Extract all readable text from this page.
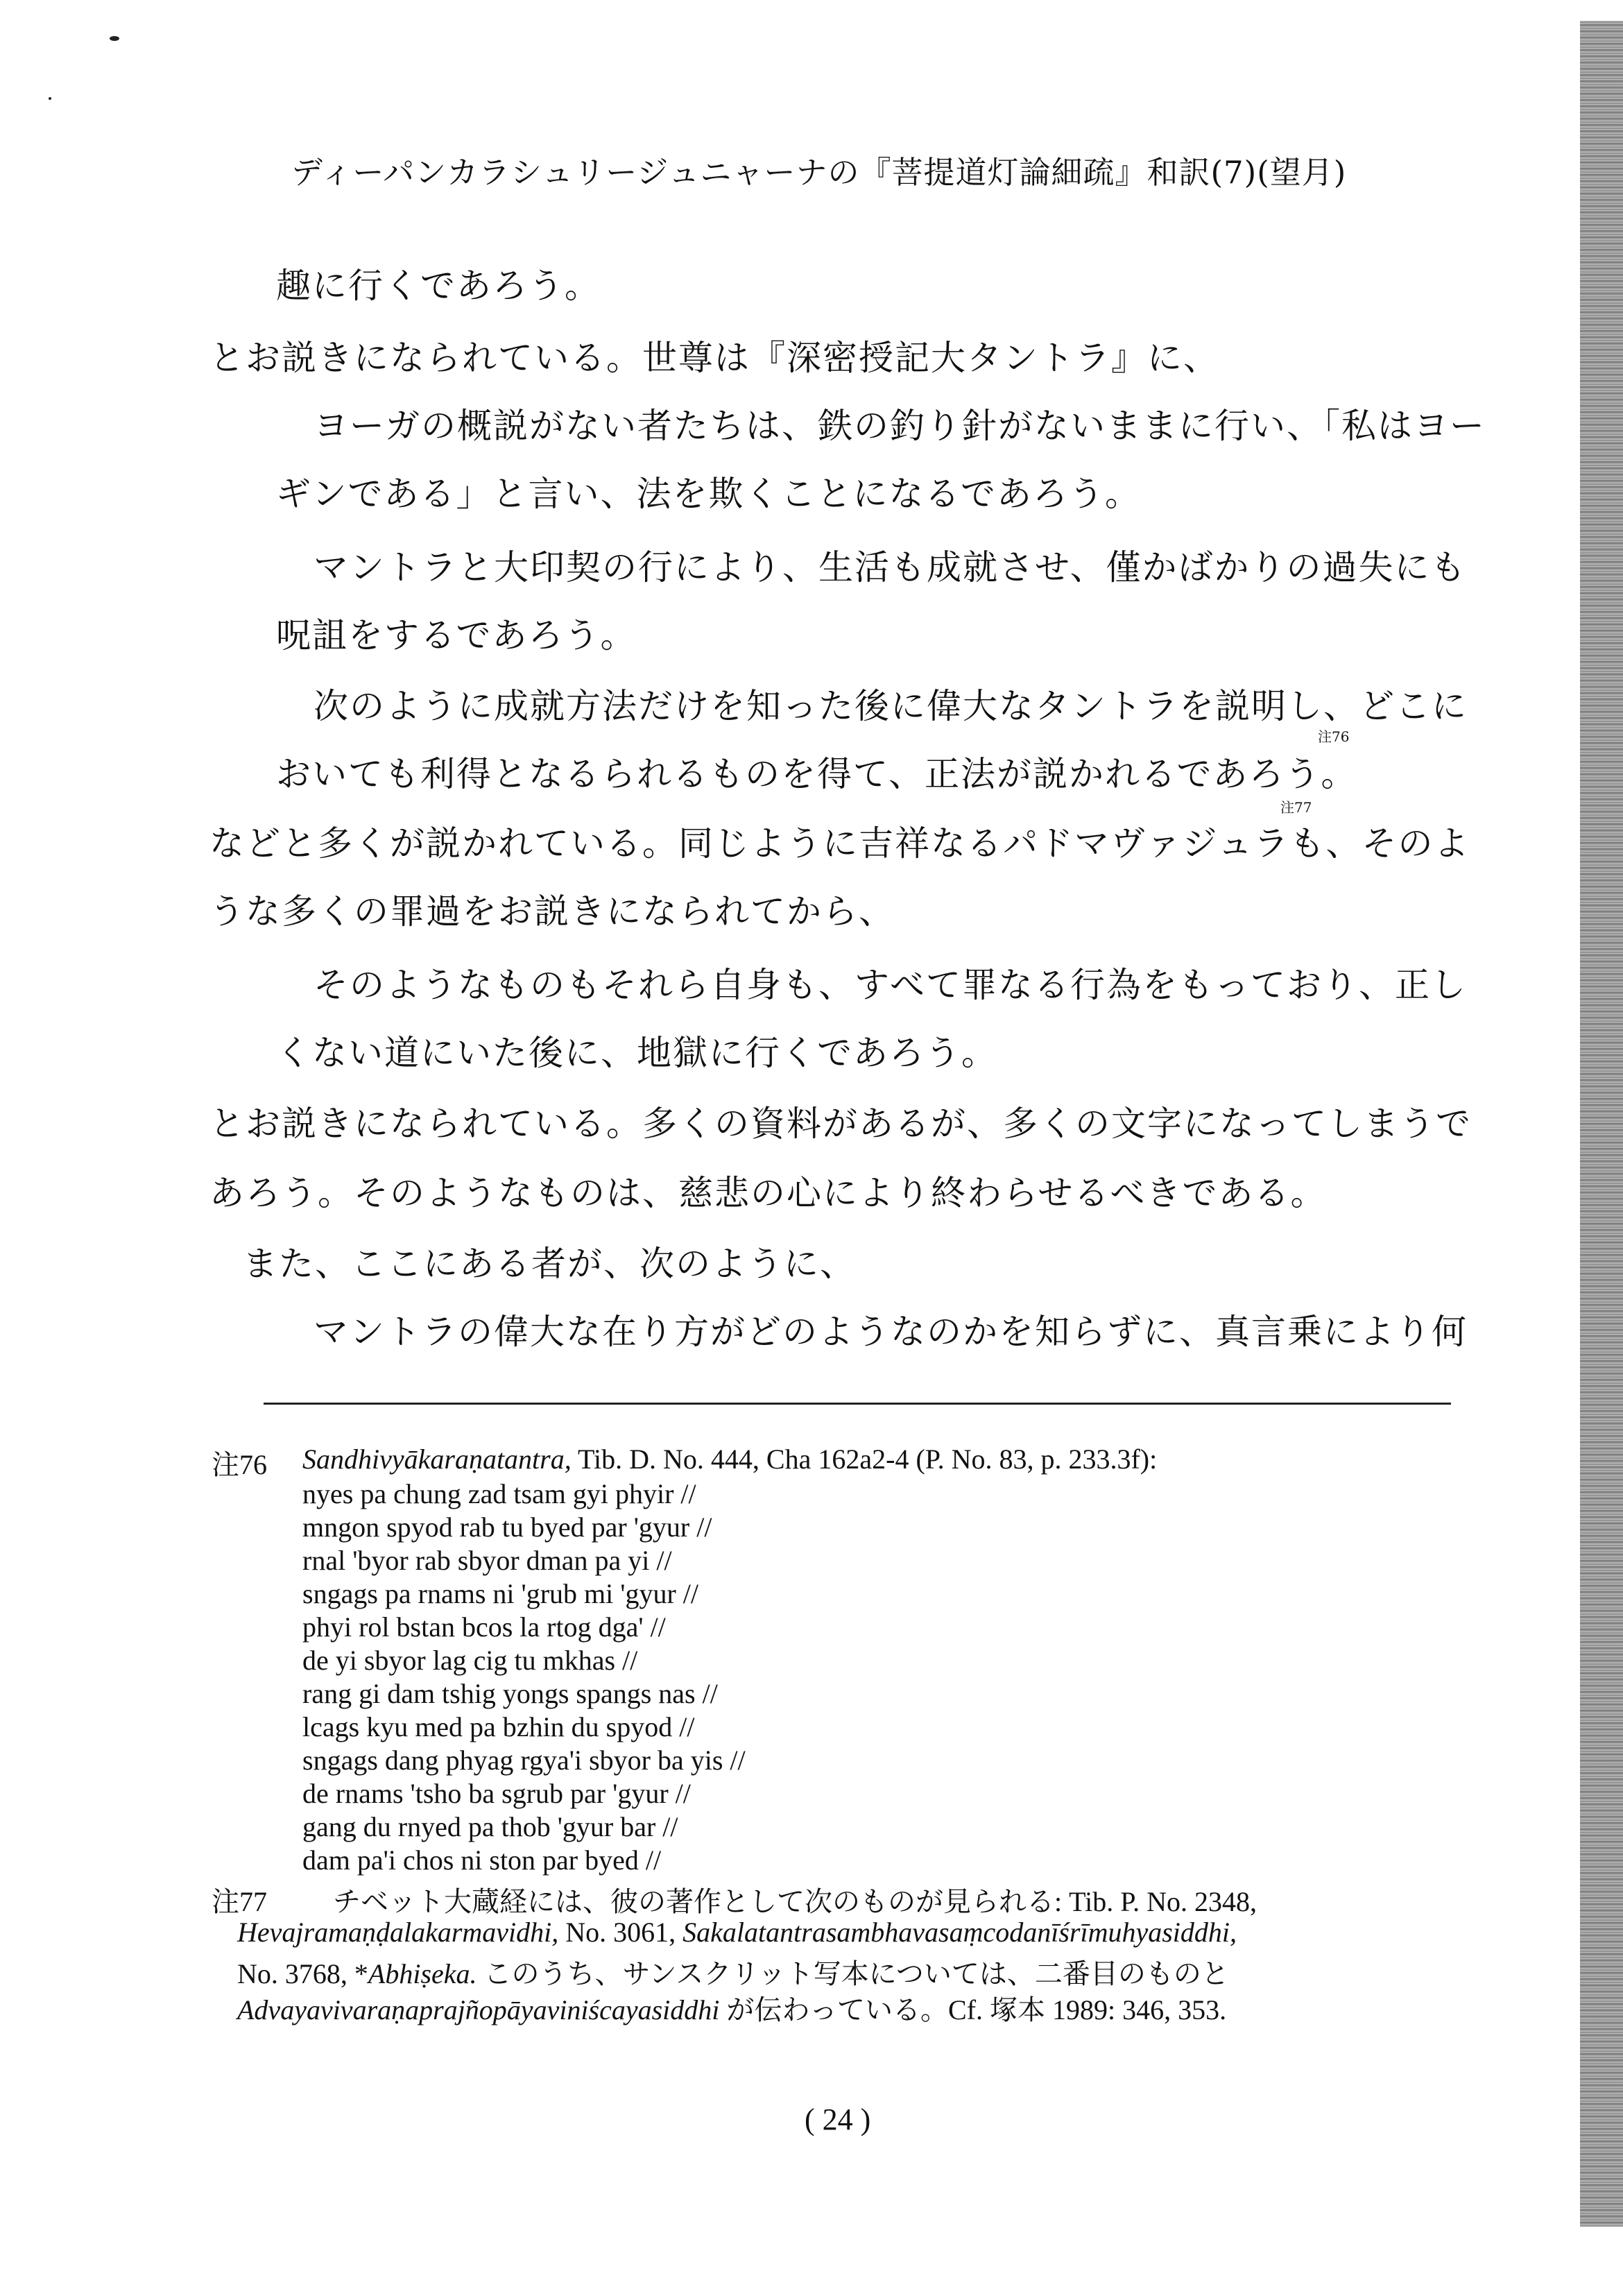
ディーパンカラシュリージュニャーナの『菩提道灯論細疏』和訳(7)(望月)
趣に行くであろう。
とお説きになられている。世尊は『深密授記大タントラ』に、
ヨーガの概説がない者たちは、鉄の釣り針がないままに行い、「私はヨー
ギンである」と言い、法を欺くことになるであろう。
マントラと大印契の行により、生活も成就させ、僅かばかりの過失にも
呪詛をするであろう。
次のように成就方法だけを知った後に偉大なタントラを説明し、どこに
注76
おいても利得となるられるものを得て、正法が説かれるであろう。
注77
などと多くが説かれている。同じように吉祥なるパドマヴァジュラも、そのよ
うな多くの罪過をお説きになられてから、
そのようなものもそれら自身も、すべて罪なる行為をもっており、正し
くない道にいた後に、地獄に行くであろう。
とお説きになられている。多くの資料があるが、多くの文字になってしまうで
あろう。そのようなものは、慈悲の心により終わらせるべきである。
また、ここにある者が、次のように、
マントラの偉大な在り方がどのようなのかを知らずに、真言乗により何
注76 Sandhivyākaraṇatantra, Tib. D. No. 444, Cha 162a2-4 (P. No. 83, p. 233.3f):
nyes pa chung zad tsam gyi phyir //
mngon spyod rab tu byed par 'gyur //
rnal 'byor rab sbyor dman pa yi //
sngags pa rnams ni 'grub mi 'gyur //
phyi rol bstan bcos la rtog dga' //
de yi sbyor lag cig tu mkhas //
rang gi dam tshig yongs spangs nas //
lcags kyu med pa bzhin du spyod //
sngags dang phyag rgya'i sbyor ba yis //
de rnams 'tsho ba sgrub par 'gyur //
gang du rnyed pa thob 'gyur bar //
dam pa'i chos ni ston par byed //
注77 チベット大蔵経には、彼の著作として次のものが見られる: Tib. P. No. 2348,
Hevajramaṇḍalakarmavidhi, No. 3061, Sakalatantrasambhavasaṃcodanīśrīmuhyasiddhi,
No. 3768, *Abhiṣeka. このうち、サンスクリット写本については、二番目のものと
Advayavivaraṇaprajñopāyaviniścayasiddhi が伝わっている。Cf. 塚本 1989: 346, 353.
( 24 )
